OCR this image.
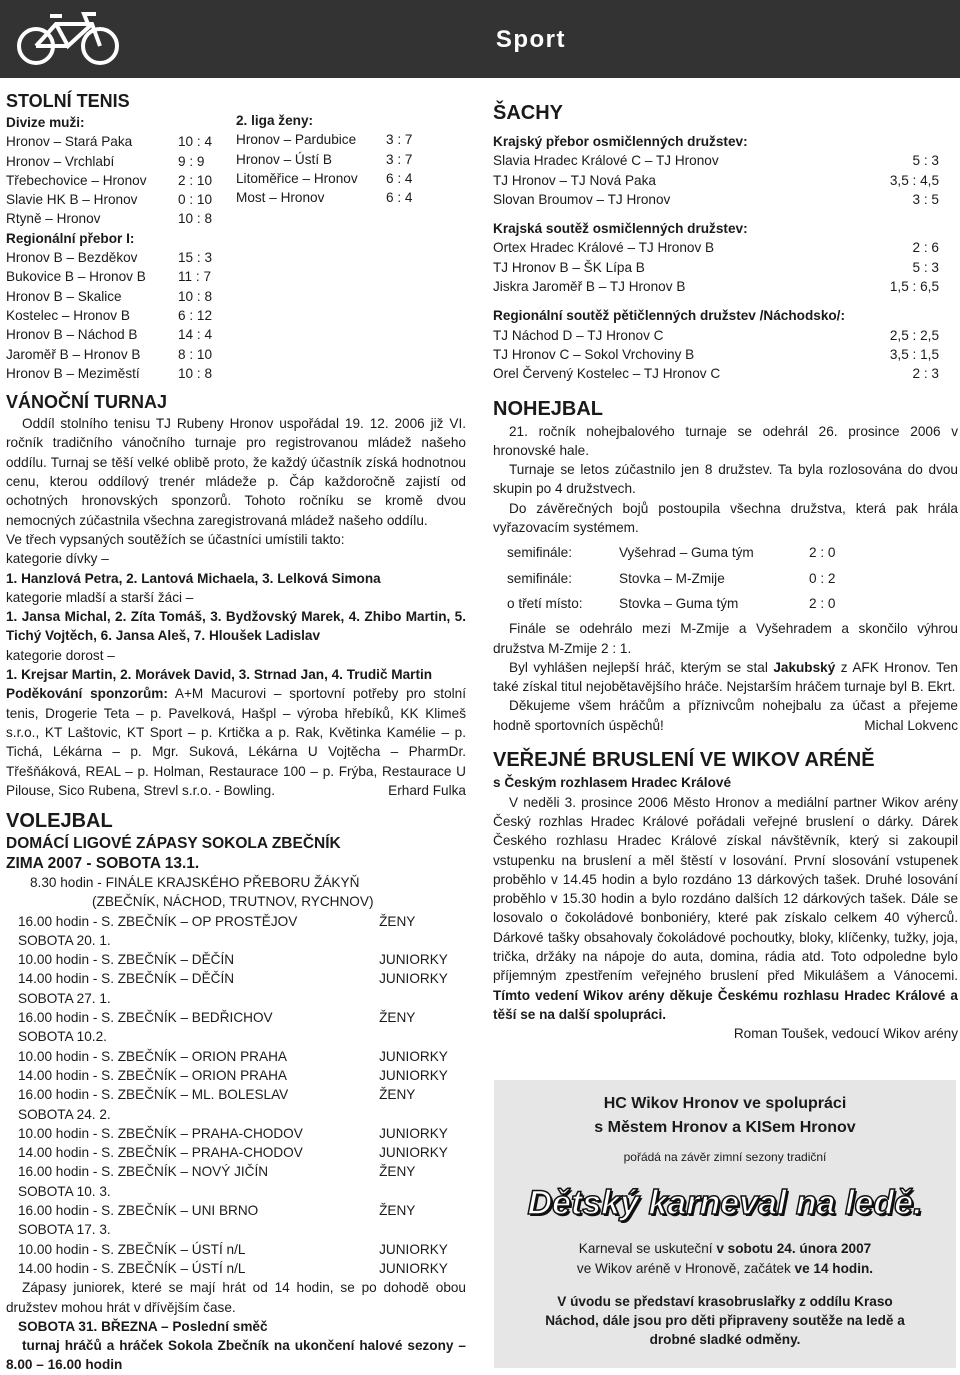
Sport
STOLNÍ TENIS
Divize muži:
Hronov – Stará Paka	10 : 4
Hronov – Vrchlabí	9 : 9
Třebechovice – Hronov	2 : 10
Slavie HK B – Hronov	0 : 10
Rtyně – Hronov	10 : 8
Regionální přebor I:
Hronov B – Bezděkov	15 : 3
Bukovice B – Hronov B	11 : 7
Hronov B – Skalice	10 : 8
Kostelec – Hronov B	6 : 12
Hronov B – Náchod B	14 : 4
Jaroměř B – Hronov B	8 : 10
Hronov B – Meziměstí	10 : 8
VÁNOČNÍ TURNAJ
Oddíl stolního tenisu TJ Rubeny Hronov uspořádal 19. 12. 2006 již VI. ročník tradičního vánočního turnaje pro registrovanou mládež našeho oddílu. Turnaj se těší velké oblibě proto, že každý účastník získá hodnotnou cenu, kterou oddílový trenér mládeže p. Čáp každoročně zajistí od ochotných hronovských sponzorů. Tohoto ročníku se kromě dvou nemocných zúčastnila všechna zaregistrovaná mládež našeho oddílu.
Ve třech vypsaných soutěžích se účastníci umístili takto:
kategorie dívky –
1. Hanzlová Petra, 2. Lantová Michaela, 3. Lelková Simona
kategorie mladší a starší žáci –
1. Jansa Michal, 2. Zíta Tomáš, 3. Bydžovský Marek, 4. Zhibo Martin, 5. Tichý Vojtěch, 6. Jansa Aleš, 7. Hloušek Ladislav
kategorie dorost –
1. Krejsar Martin, 2. Morávek David, 3. Strnad Jan, 4. Trudič Martin
Poděkování sponzorům: A+M Macurovi – sportovní potřeby pro stolní tenis, Drogerie Teta – p. Pavelková, Hašpl – výroba hřebíků, KK Klimeš s.r.o., KT Laštovic, KT Sport – p. Krtička a p. Rak, Květinka Kamélie – p. Tichá, Lékárna – p. Mgr. Suková, Lékárna U Vojtěcha – PharmDr. Třešňáková, REAL – p. Holman, Restaurace 100 – p. Frýba, Restaurace U Pilouse, Sico Rubena, Strevl s.r.o. - Bowling.	Erhard Fulka
VOLEJBAL
DOMÁCÍ LIGOVÉ ZÁPASY SOKOLA ZBEČNÍK
ZIMA 2007 - SOBOTA 13.1.
8.30 hodin - FINÁLE KRAJSKÉHO PŘEBORU ŽÁKYŇ
(ZBEČNÍK, NÁCHOD, TRUTNOV, RYCHNOV)
16.00 hodin - S. ZBEČNÍK – OP PROSTĚJOV	ŽENY
SOBOTA 20. 1.
10.00 hodin - S. ZBEČNÍK – DĚČÍN	JUNIORKY
14.00 hodin - S. ZBEČNÍK – DĚČÍN	JUNIORKY
SOBOTA 27. 1.
16.00 hodin - S. ZBEČNÍK – BEDŘICHOV	ŽENY
SOBOTA 10.2.
10.00 hodin - S. ZBEČNÍK – ORION PRAHA	JUNIORKY
14.00 hodin - S. ZBEČNÍK – ORION PRAHA	JUNIORKY
16.00 hodin - S. ZBEČNÍK – ML. BOLESLAV	ŽENY
SOBOTA 24. 2.
10.00 hodin - S. ZBEČNÍK – PRAHA-CHODOV	JUNIORKY
14.00 hodin - S. ZBEČNÍK – PRAHA-CHODOV	JUNIORKY
16.00 hodin - S. ZBEČNÍK – NOVÝ JIČÍN	ŽENY
SOBOTA 10. 3.
16.00 hodin - S. ZBEČNÍK – UNI BRNO	ŽENY
SOBOTA 17. 3.
10.00 hodin - S. ZBEČNÍK – ÚSTÍ n/L	JUNIORKY
14.00 hodin - S. ZBEČNÍK – ÚSTÍ n/L	JUNIORKY
Zápasy juniorek, které se mají hrát od 14 hodin, se po dohodě obou družstev mohou hrát v dřívějším čase.
SOBOTA 31. BŘEZNA – Poslední směč
turnaj hráčů a hráček Sokola Zbečník na ukončení halové sezony – 8.00 – 16.00 hodin
2. liga ženy:
Hronov – Pardubice	3 : 7
Hronov – Ústí B	3 : 7
Litoměřice – Hronov	6 : 4
Most – Hronov	6 : 4
ŠACHY
Krajský přebor osmičlenných družstev:
Slavia Hradec Králové C – TJ Hronov	5 : 3
TJ Hronov – TJ Nová Paka	3,5 : 4,5
Slovan Broumov – TJ Hronov	3 : 5
Krajská soutěž osmičlenných družstev:
Ortex Hradec Králové – TJ Hronov B	2 : 6
TJ Hronov B – ŠK Lípa B	5 : 3
Jiskra Jaroměř B – TJ Hronov B	1,5 : 6,5
Regionální soutěž pětičlenných družstev /Náchodsko/:
TJ Náchod D – TJ Hronov C	2,5 : 2,5
TJ Hronov C – Sokol Vrchoviny B	3,5 : 1,5
Orel Červený Kostelec – TJ Hronov C	2 : 3
NOHEJBAL
21. ročník nohejbalového turnaje se odehrál 26. prosince 2006 v hronovské hale.
Turnaje se letos zúčastnilo jen 8 družstev. Ta byla rozlosována do dvou skupin po 4 družstvech.
Do závěrečných bojů postoupila všechna družstva, která pak hrála vyřazovacím systémem.
semifinále:	Vyšehrad – Guma tým	2 : 0
semifinále:	Stovka – M-Zmije	0 : 2
o třetí místo:	Stovka – Guma tým	2 : 0
Finále se odehrálo mezi M-Zmije a Vyšehradem a skončilo výhrou družstva M-Zmije 2 : 1.
Byl vyhlášen nejlepší hráč, kterým se stal Jakubský z AFK Hronov. Ten také získal titul nejobětavějšího hráče. Nejstarším hráčem turnaje byl B. Ekrt.
Děkujeme všem hráčům a příznivcům nohejbalu za účast a přejeme hodně sportovních úspěchů!	Michal Lokvenc
VEŘEJNÉ BRUSLENÍ VE WIKOV ARÉNĚ
s Českým rozhlasem Hradec Králové
V neděli 3. prosince 2006 Město Hronov a mediální partner Wikov arény Český rozhlas Hradec Králové pořádali veřejné bruslení o dárky. Dárek Českého rozhlasu Hradec Králové získal návštěvník, který si zakoupil vstupenku na bruslení a měl štěstí v losování. První slosování vstupenek proběhlo v 14.45 hodin a bylo rozdáno 13 dárkových tašek. Druhé losování proběhlo v 15.30 hodin a bylo rozdáno dalších 12 dárkových tašek. Dále se losovalo o čokoládové bonboniéry, které pak získalo celkem 40 výherců. Dárkové tašky obsahovaly čokoládové pochoutky, bloky, klíčenky, tužky, joja, trička, držáky na nápoje do auta, domina, rádia atd. Toto odpoledne bylo příjemným zpestřením veřejného bruslení před Mikulášem a Vánocemi. Tímto vedení Wikov arény děkuje Českému rozhlasu Hradec Králové a těší se na další spolupráci.
Roman Toušek, vedoucí Wikov arény
HC Wikov Hronov ve spolupráci
s Městem Hronov a KISem Hronov
pořádá na závěr zimní sezony tradiční
Dětský karneval na ledě.
Karneval se uskuteční v sobotu 24. února 2007
ve Wikov aréně v Hronově, začátek ve 14 hodin.
V úvodu se představí krasobruslařky z oddílu Kraso Náchod, dále jsou pro děti připraveny soutěže na ledě a drobné sladké odměny.
